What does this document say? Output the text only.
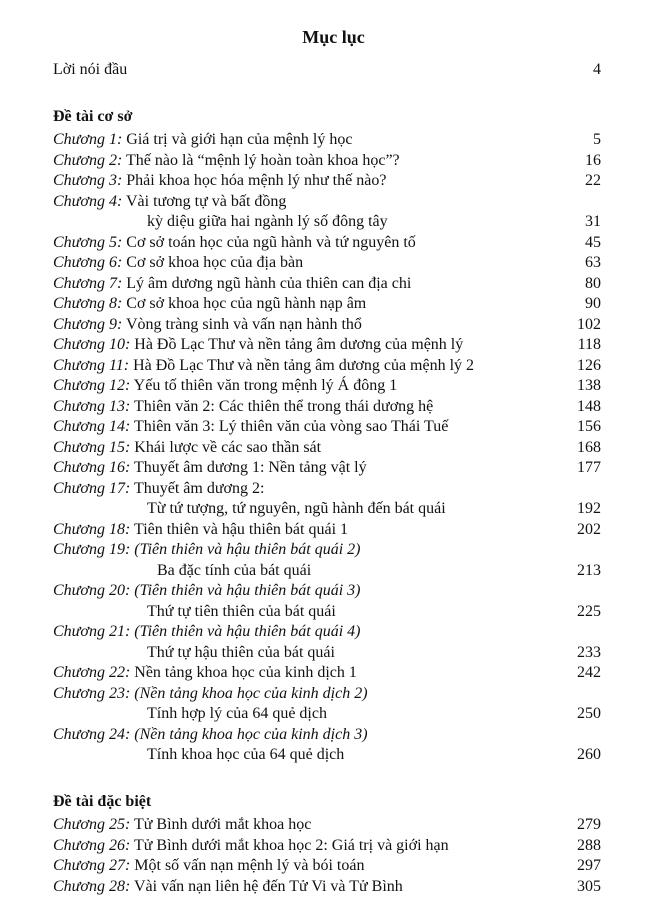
Mục lục
Lời nói đầu	4
Đề tài cơ sở
Chương 1: Giá trị và giới hạn của mệnh lý học	5
Chương 2: Thế nào là “mệnh lý hoàn toàn khoa học”?	16
Chương 3: Phải khoa học hóa mệnh lý như thế nào?	22
Chương 4: Vài tương tự và bất đồng
kỳ diệu giữa hai ngành lý số đông tây	31
Chương 5: Cơ sở toán học của ngũ hành và tứ nguyên tố	45
Chương 6: Cơ sở khoa học của địa bàn	63
Chương 7: Lý âm dương ngũ hành của thiên can địa chi	80
Chương 8: Cơ sở khoa học của ngũ hành nạp âm	90
Chương 9: Vòng tràng sinh và vấn nạn hành thổ	102
Chương 10: Hà Đồ Lạc Thư và nền tảng âm dương của mệnh lý	118
Chương 11: Hà Đồ Lạc Thư và nền tảng âm dương của mệnh lý 2	126
Chương 12: Yếu tố thiên văn trong mệnh lý Á đông 1	138
Chương 13: Thiên văn 2: Các thiên thể trong thái dương hệ	148
Chương 14: Thiên văn 3: Lý thiên văn của vòng sao Thái Tuế	156
Chương 15: Khái lược về các sao thần sát	168
Chương 16: Thuyết âm dương 1: Nền tảng vật lý	177
Chương 17: Thuyết âm dương 2:
Từ tứ tượng, tứ nguyên, ngũ hành đến bát quái	192
Chương 18: Tiên thiên và hậu thiên bát quái 1	202
Chương 19: (Tiên thiên và hậu thiên bát quái 2)
Ba đặc tính của bát quái	213
Chương 20: (Tiên thiên và hậu thiên bát quái 3)
Thứ tự tiên thiên của bát quái	225
Chương 21: (Tiên thiên và hậu thiên bát quái 4)
Thứ tự hậu thiên của bát quái	233
Chương 22: Nền tảng khoa học của kinh dịch 1	242
Chương 23: (Nền tảng khoa học của kinh dịch 2)
Tính hợp lý của 64 quẻ dịch	250
Chương 24: (Nền tảng khoa học của kinh dịch 3)
Tính khoa học của 64 quẻ dịch	260
Đề tài đặc biệt
Chương 25: Tử Bình dưới mắt khoa học	279
Chương 26: Tử Bình dưới mắt khoa học 2: Giá trị và giới hạn	288
Chương 27: Một số vấn nạn mệnh lý và bói toán	297
Chương 28: Vài vấn nạn liên hệ đến Tử Vi và Tử Bình	305
